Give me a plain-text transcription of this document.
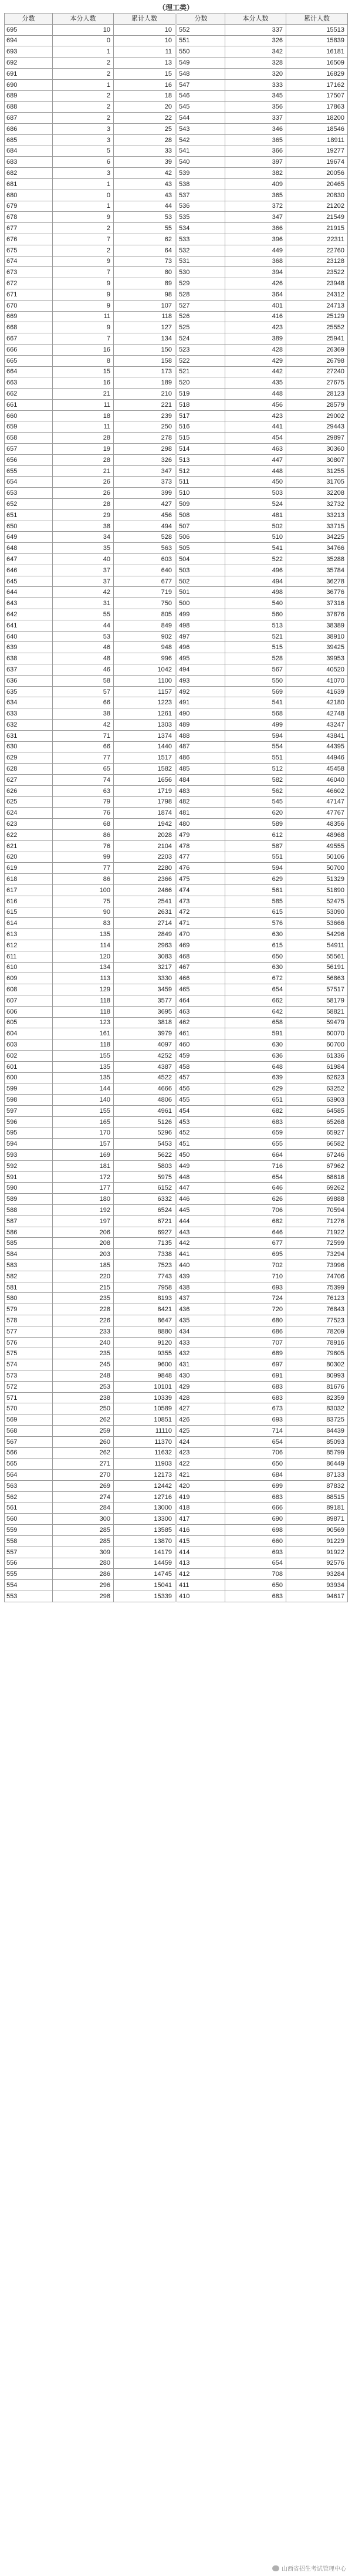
（理工类）
分数	本分人数	累计人数
695	10	10
694	0	10
693	1	11
692	2	13
691	2	15
690	1	16
689	2	18
688	2	20
687	2	22
686	3	25
685	3	28
684	5	33
683	6	39
682	3	42
681	1	43
680	0	43
679	1	44
678	9	53
677	2	55
676	7	62
675	2	64
674	9	73
673	7	80
672	9	89
671	9	98
670	9	107
669	11	118
668	9	127
667	7	134
666	16	150
665	8	158
664	15	173
663	16	189
662	21	210
661	11	221
660	18	239
659	11	250
658	28	278
657	19	298
656	28	326
655	21	347
654	26	373
653	26	399
652	28	427
651	29	456
650	38	494
649	34	528
648	35	563
647	40	603
646	37	640
645	37	677
644	42	719
643	31	750
642	55	805
641	44	849
640	53	902
639	46	948
638	48	996
637	46	1042
636	58	1100
635	57	1157
634	66	1223
633	38	1261
632	42	1303
631	71	1374
630	66	1440
629	77	1517
628	65	1582
627	74	1656
626	63	1719
625	79	1798
624	76	1874
623	68	1942
622	86	2028
621	76	2104
620	99	2203
619	77	2280
618	86	2366
617	100	2466
616	75	2541
615	90	2631
614	83	2714
613	135	2849
612	114	2963
611	120	3083
610	134	3217
609	113	3330
608	129	3459
607	118	3577
606	118	3695
605	123	3818
604	161	3979
603	118	4097
602	155	4252
601	135	4387
600	135	4522
599	144	4666
598	140	4806
597	155	4961
596	165	5126
595	170	5296
594	157	5453
593	169	5622
592	181	5803
591	172	5975
590	177	6152
589	180	6332
588	192	6524
587	197	6721
586	206	6927
585	208	7135
584	203	7338
583	185	7523
582	220	7743
581	215	7958
580	235	8193
579	228	8421
578	226	8647
577	233	8880
576	240	9120
575	235	9355
574	245	9600
573	248	9848
572	253	10101
571	238	10339
570	250	10589
569	262	10851
568	259	11110
567	260	11370
566	262	11632
565	271	11903
564	270	12173
563	269	12442
562	274	12716
561	284	13000
560	300	13300
559	285	13585
558	285	13870
557	309	14179
556	280	14459
555	286	14745
554	296	15041
553	298	15339
分数	本分人数	累计人数
552	337	15513
551	326	15839
550	342	16181
549	328	16509
548	320	16829
547	333	17162
546	345	17507
545	356	17863
544	337	18200
543	346	18546
542	365	18911
541	366	19277
540	397	19674
539	382	20056
538	409	20465
537	365	20830
536	372	21202
535	347	21549
534	366	21915
533	396	22311
532	449	22760
531	368	23128
530	394	23522
529	426	23948
528	364	24312
527	401	24713
526	416	25129
525	423	25552
524	389	25941
523	428	26369
522	429	26798
521	442	27240
520	435	27675
519	448	28123
518	456	28579
517	423	29002
516	441	29443
515	454	29897
514	463	30360
513	447	30807
512	448	31255
511	450	31705
510	503	32208
509	524	32732
508	481	33213
507	502	33715
506	510	34225
505	541	34766
504	522	35288
503	496	35784
502	494	36278
501	498	36776
500	540	37316
499	560	37876
498	513	38389
497	521	38910
496	515	39425
495	528	39953
494	567	40520
493	550	41070
492	569	41639
491	541	42180
490	568	42748
489	499	43247
488	594	43841
487	554	44395
486	551	44946
485	512	45458
484	582	46040
483	562	46602
482	545	47147
481	620	47767
480	589	48356
479	612	48968
478	587	49555
477	551	50106
476	594	50700
475	629	51329
474	561	51890
473	585	52475
472	615	53090
471	576	53666
470	630	54296
469	615	54911
468	650	55561
467	630	56191
466	672	56863
465	654	57517
464	662	58179
463	642	58821
462	658	59479
461	591	60070
460	630	60700
459	636	61336
458	648	61984
457	639	62623
456	629	63252
455	651	63903
454	682	64585
453	683	65268
452	659	65927
451	655	66582
450	664	67246
449	716	67962
448	654	68616
447	646	69262
446	626	69888
445	706	70594
444	682	71276
443	646	71922
442	677	72599
441	695	73294
440	702	73996
439	710	74706
438	693	75399
437	724	76123
436	720	76843
435	680	77523
434	686	78209
433	707	78916
432	689	79605
431	697	80302
430	691	80993
429	683	81676
428	683	82359
427	673	83032
426	693	83725
425	714	84439
424	654	85093
423	706	85799
422	650	86449
421	684	87133
420	699	87832
419	683	88515
418	666	89181
417	690	89871
416	698	90569
415	660	91229
414	693	91922
413	654	92576
412	708	93284
411	650	93934
410	683	94617
山西省招生考试管理中心
